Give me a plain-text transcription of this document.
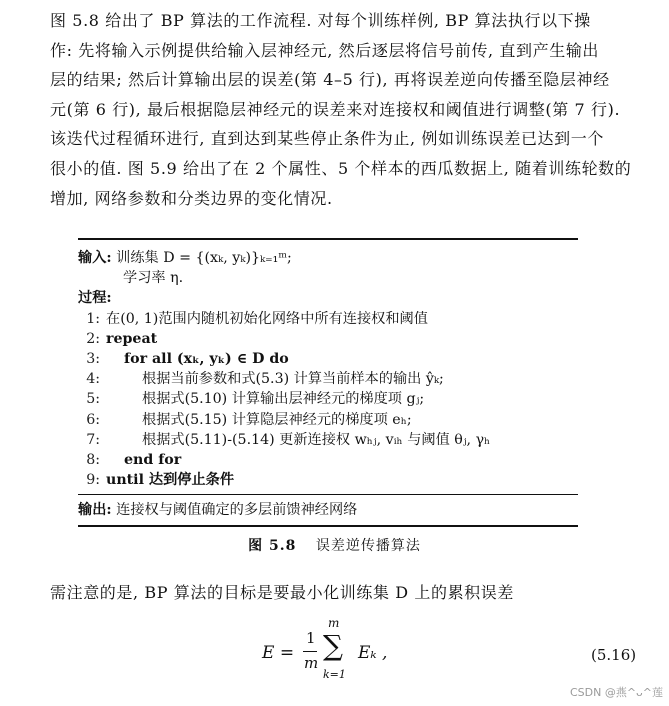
图 5.8 给出了 BP 算法的工作流程. 对每个训练样例, BP 算法执行以下操
作: 先将输入示例提供给输入层神经元, 然后逐层将信号前传, 直到产生输出
层的结果; 然后计算输出层的误差(第 4–5 行), 再将误差逆向传播至隐层神经
元(第 6 行), 最后根据隐层神经元的误差来对连接权和阈值进行调整(第 7 行).
该迭代过程循环进行, 直到达到某些停止条件为止, 例如训练误差已达到一个
很小的值. 图 5.9 给出了在 2 个属性、5 个样本的西瓜数据上, 随着训练轮数的
增加, 网络参数和分类边界的变化情况.
输入: 训练集 D = {(xₖ, yₖ)}ₖ₌₁ᵐ;
学习率 η.
过程:
1: 在(0, 1)范围内随机初始化网络中所有连接权和阈值
2: repeat
3: for all (xₖ, yₖ) ∈ D do
4:	根据当前参数和式(5.3) 计算当前样本的输出 ŷₖ;
5:	根据式(5.10) 计算输出层神经元的梯度项 gⱼ;
6:	根据式(5.15) 计算隐层神经元的梯度项 eₕ;
7:	根据式(5.11)-(5.14) 更新连接权 wₕⱼ, vᵢₕ 与阈值 θⱼ, γₕ
8: end for
9: until 达到停止条件
输出: 连接权与阈值确定的多层前馈神经网络
图 5.8 误差逆传播算法

需注意的是, BP 算法的目标是要最小化训练集 D 上的累积误差

E =
1
m
m
∑
k=1
Eₖ ,	(5.16)
CSDN @燕^ᴗ^莲
